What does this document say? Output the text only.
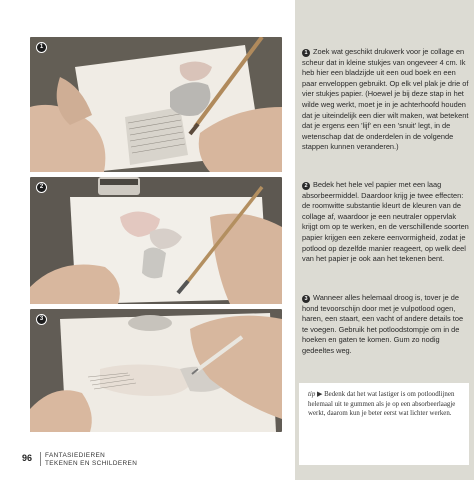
1
2
3
1 Zoek wat geschikt drukwerk voor je collage en scheur dat in kleine stukjes van ongeveer 4 cm. Ik heb hier een bladzijde uit een oud boek en een paar enveloppen gebruikt. Op elk vel plak je drie of vier stukjes papier. (Hoewel je bij deze stap in het wilde weg werkt, moet je in je achterhoofd houden dat je uiteindelijk een dier wilt maken, wat betekent dat je ergens een 'lijf' en een 'snuit' legt, in de wetenschap dat de onderdelen in de volgende stappen kunnen veranderen.)
2 Bedek het hele vel papier met een laag absorbeermiddel. Daardoor krijg je twee effecten: de roomwitte substantie kleurt de kleuren van de collage af, waardoor je een neutraler oppervlak krijgt om op te werken, en de verschillende soorten papier krijgen een zekere eenvormigheid, zodat je potlood op dezelfde manier reageert, op welk deel van het papier je ook aan het tekenen bent.
3 Wanneer alles helemaal droog is, tover je de hond tevoorschijn door met je vulpotlood ogen, haren, een staart, een vacht of andere details toe te voegen. Gebruik het potloodstompje om in de hoeken en gaten te komen. Gum zo nodig gedeeltes weg.
tip ▶ Bedenk dat het wat lastiger is om potloodlijnen helemaal uit te gummen als je op een absorbeerlaagje werkt, daarom kun je beter eerst wat lichter werken.
96 FANTASIEDIEREN
TEKENEN EN SCHILDEREN
